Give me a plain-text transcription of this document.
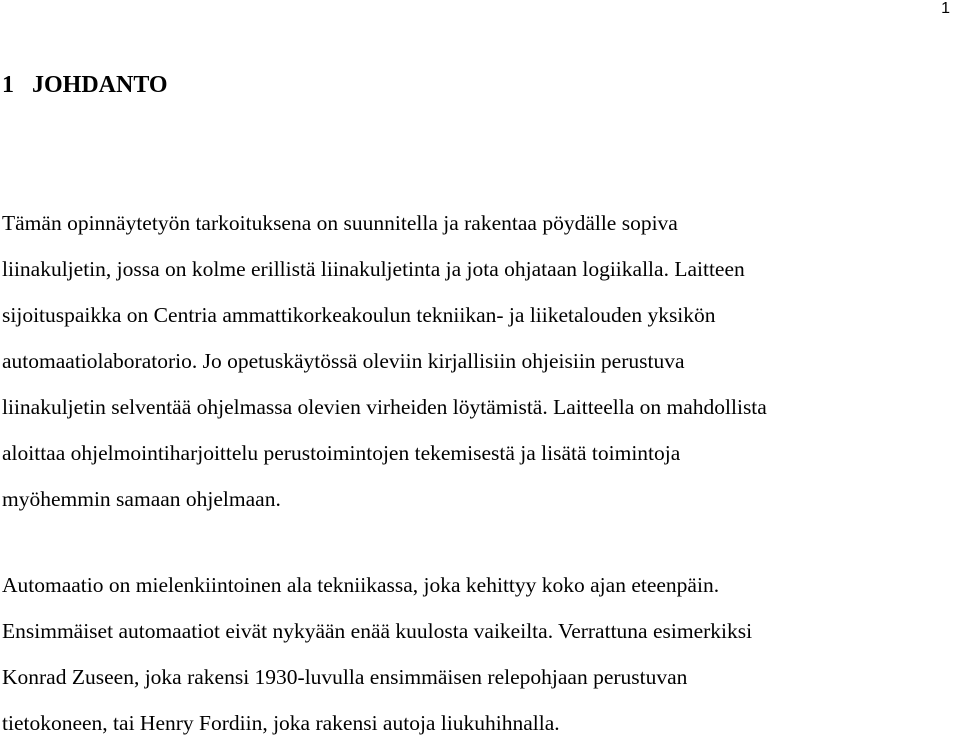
1
1 JOHDANTO

Tämän opinnäytetyön tarkoituksena on suunnitella ja rakentaa pöydälle sopiva
liinakuljetin, jossa on kolme erillistä liinakuljetinta ja jota ohjataan logiikalla. Laitteen
sijoituspaikka on Centria ammattikorkeakoulun tekniikan- ja liiketalouden yksikön
automaatiolaboratorio. Jo opetuskäytössä oleviin kirjallisiin ohjeisiin perustuva
liinakuljetin selventää ohjelmassa olevien virheiden löytämistä. Laitteella on mahdollista
aloittaa ohjelmointiharjoittelu perustoimintojen tekemisestä ja lisätä toimintoja
myöhemmin samaan ohjelmaan.

Automaatio on mielenkiintoinen ala tekniikassa, joka kehittyy koko ajan eteenpäin.
Ensimmäiset automaatiot eivät nykyään enää kuulosta vaikeilta. Verrattuna esimerkiksi
Konrad Zuseen, joka rakensi 1930-luvulla ensimmäisen relepohjaan perustuvan
tietokoneen, tai Henry Fordiin, joka rakensi autoja liukuhihnalla.
